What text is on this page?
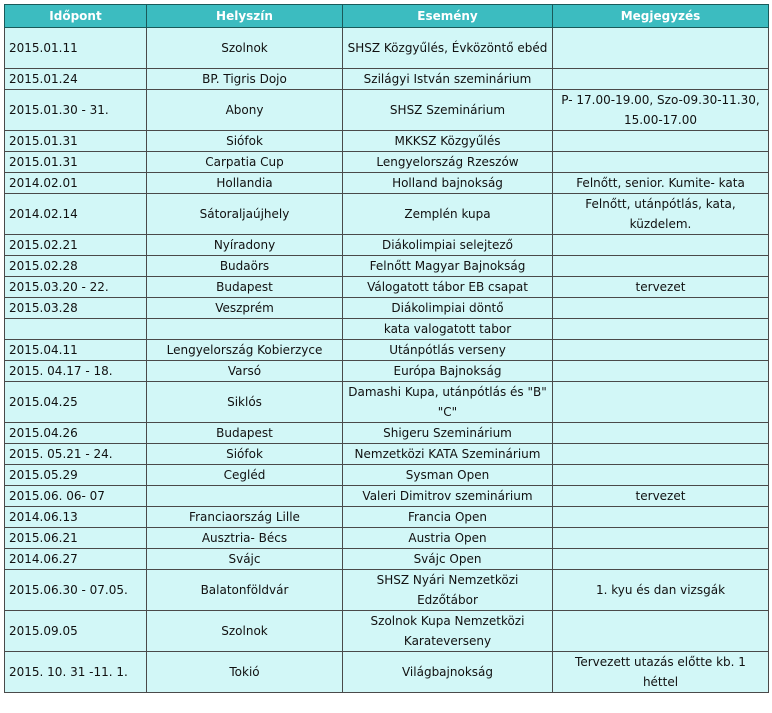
Időpont	Helyszín	Esemény	Megjegyzés
2015.01.11	Szolnok	SHSZ Közgyűlés, Évközöntő ebéd	
2015.01.24	BP. Tigris Dojo	Szilágyi István szeminárium	
2015.01.30 - 31.	Abony	SHSZ Szeminárium	P- 17.00-19.00, Szo-09.30-11.30, 15.00-17.00
2015.01.31	Siófok	MKKSZ Közgyűlés	
2015.01.31	Carpatia Cup	Lengyelország Rzeszów	
2014.02.01	Hollandia	Holland bajnokság	Felnőtt, senior. Kumite- kata
2014.02.14	Sátoraljaújhely	Zemplén kupa	Felnőtt, utánpótlás, kata, küzdelem.
2015.02.21	Nyíradony	Diákolimpiai selejtező	
2015.02.28	Budaörs	Felnőtt Magyar Bajnokság	
2015.03.20 - 22.	Budapest	Válogatott tábor EB csapat	tervezet
2015.03.28	Veszprém	Diákolimpiai döntő	
		kata valogatott tabor	
2015.04.11	Lengyelország Kobierzyce	Utánpótlás verseny	
2015. 04.17 - 18.	Varsó	Európa Bajnokság	
2015.04.25	Siklós	Damashi Kupa, utánpótlás és "B" "C"	
2015.04.26	Budapest	Shigeru Szeminárium	
2015. 05.21 - 24.	Siófok	Nemzetközi KATA Szeminárium	
2015.05.29	Cegléd	Sysman Open	
2015.06. 06- 07		Valeri Dimitrov szeminárium	tervezet
2014.06.13	Franciaország Lille	Francia Open	
2015.06.21	Ausztria- Bécs	Austria Open	
2014.06.27	Svájc	Svájc Open	
2015.06.30 - 07.05.	Balatonföldvár	SHSZ Nyári Nemzetközi Edzőtábor	1. kyu és dan vizsgák
2015.09.05	Szolnok	Szolnok Kupa Nemzetközi Karateverseny	
2015. 10. 31 -11. 1.	Tokió	Világbajnokság	Tervezett utazás előtte kb. 1 héttel
